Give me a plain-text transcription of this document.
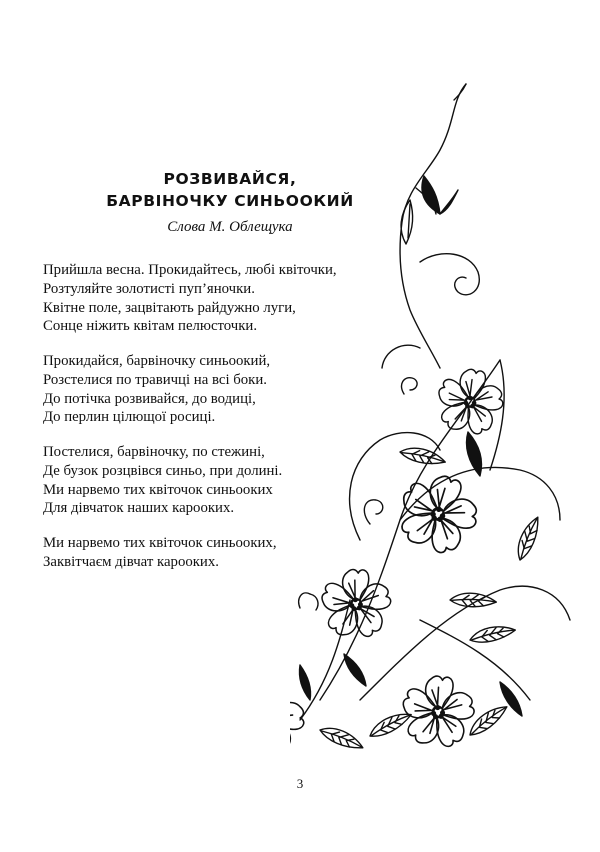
РОЗВИВАЙСЯ,
БАРВІНОЧКУ СИНЬООКИЙ
Слова М. Облещука
Прийшла весна. Прокидайтесь, любі квіточки,
Розтуляйте золотисті пуп’яночки.
Квітне поле, зацвітають райдужно луги,
Сонце ніжить квітам пелюсточки.
Прокидайся, барвіночку синьоокий,
Розстелися по травичці на всі боки.
До потічка розвивайся, до водиці,
До перлин цілющої росиці.
Постелися, барвіночку, по стежині,
Де бузок розцвівся синьо, при долині.
Ми нарвемо тих квіточок синьооких
Для дівчаток наших карооких.
Ми нарвемо тих квіточок синьооких,
Заквітчаєм дівчат карооких.
3
